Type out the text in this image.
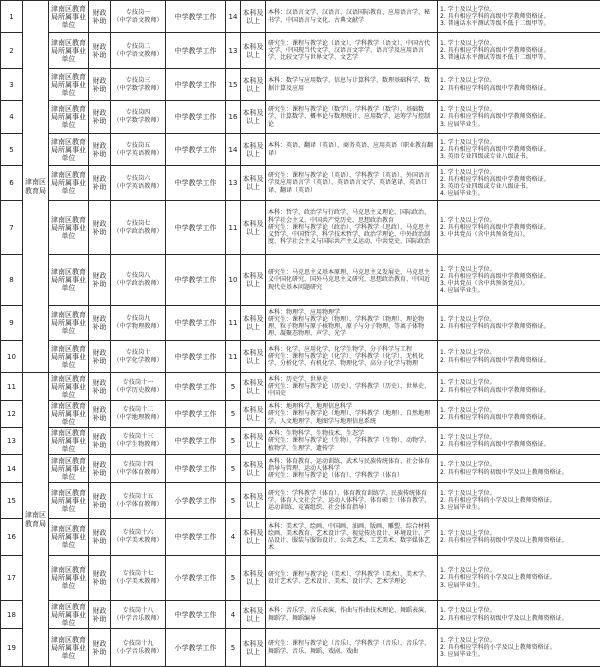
1	津南区教育局	津南区教育局所属事业单位	财政补助	专技岗一
（中学语文教师）	中学教学工作	14	本科及以上	本科：汉语言文学、汉语言、汉语国际教育、应用语言学、秘书学、中国语言与文化、古典文献学	1. 学士及以上学位。
2. 具有相应学科的高级中学教师资格证。
3. 普通话水平测试等级不低于二级甲等。

2		津南区教育局所属事业单位	财政补助	专技岗二
（中学语文教师）	中学教学工作	13	本科及以上	研究生：课程与教学论（语文）、学科教学（语文）、中国古代文学、中国现当代文学、汉语言文字学、语言学及应用语言学、比较文学与世界文学、文艺学	1. 学士及以上学位。
2. 具有相应学科的高级中学教师资格证。
3. 普通话水平测试等级不低于二级甲等。

3		津南区教育局所属事业单位	财政补助	专技岗三
（中学数学教师）	中学教学工作	15	本科及以上	本科：数学与应用数学、信息与计算科学、数理基础科学、数据计算及应用	1. 学士及以上学位。
2. 具有相应学科的高级中学教师资格证。

4		津南区教育局所属事业单位	财政补助	专技岗四
（中学数学教师）	中学教学工作	16	本科及以上	研究生：课程与教学论（数学）、学科教学（数学）、基础数学、计算数学、概率论与数理统计、应用数学、运筹学与控制论	1. 学士及以上学位。
2. 具有相应学科的高级中学教师资格证。
3. 应届毕业生。

5		津南区教育局所属事业单位	财政补助	专技岗五
（中学英语教师）	中学教学工作	14	本科及以上	本科：英语、翻译（英语）、商务英语、应用英语（职业教育翻译）	1. 学士及以上学位。
2. 具有相应学科的高级中学教师资格证。
3. 英语专业四级或专业八级证书。

6		津南区教育局所属事业单位	财政补助	专技岗六
（中学英语教师）	中学教学工作	13	本科及以上	研究生：课程与教学论（英语）、学科教学（英语）、外国语言学及应用语言学（英语）、英语语言文学、英语笔译、英语口译、翻译（英语）	1. 学士及以上学位。
2. 具有相应学科的高级中学教师资格证。
3. 英语专业四级或专业八级证书。
4. 应届毕业生。

7		津南区教育局所属事业单位	财政补助	专技岗七
（中学政治教师）	中学教学工作	11	本科及以上	本科：哲学、政治学与行政学、马克思主义理论、国际政治、科学社会主义、中国共产党历史、思想政治教育
研究生：课程与教学论（政治）、学科教学（思政）、马克思主义哲学、中国哲学、科学技术哲学、政治学理论、中外政治制度、科学社会主义与国际共产主义运动、中共党史、国际政治	1. 学士及以上学位。
2. 具有相应学科的高级中学教师资格证。
3. 中共党员（含中共预备党员）。

8		津南区教育局所属事业单位	财政补助	专技岗八
（中学政治教师）	中学教学工作	10	本科及以上	研究生：马克思主义基本原理、马克思主义发展史、马克思主义中国化研究、国外马克思主义研究、思想政治教育、中国近现代史基本问题研究	1. 学士及以上学位。
2. 具有相应学科的高级中学教师资格证。
3. 中共党员（含中共预备党员）。
4. 应届毕业生。

9		津南区教育局所属事业单位	财政补助	专技岗九
（中学物理教师）	中学教学工作	11	本科及以上	本科：物理学、应用物理学
研究生：课程与教学论（物理）、学科教学（物理）、理论物理、粒子物理与原子核物理、原子与分子物理、等离子体物理、凝聚态物理、声学、光学	1. 学士及以上学位。
2. 具有相应学科的高级中学教师资格证。

10		津南区教育局所属事业单位	财政补助	专技岗十
（中学化学教师）	中学教学工作	11	本科及以上	本科：化学、应用化学、化学生物学、分子科学与工程
研究生：课程与教学论（化学）、学科教学（化学）、无机化学、分析化学、有机化学、物理化学、高分子化学与物理	1. 学士及以上学位。
2. 具有相应学科的高级中学教师资格证。

11	津南区教育局	津南区教育局所属事业单位	财政补助	专技岗十一
（中学历史教师）	中学教学工作	5	本科及以上	本科：历史学、世界史
研究生：课程与教学论（历史）、学科教学（历史）、世界史、中国史	1. 学士及以上学位。
2. 具有相应学科的高级中学教师资格证。

12		津南区教育局所属事业单位	财政补助	专技岗十二
（中学地理教师）	中学教学工作	5	本科及以上	本科：地理科学、地理信息科学
研究生：课程与教学论（地理）、学科教学（地理）、自然地理学、人文地理学、地图学与地理信息系统	1. 学士及以上学位。
2. 具有相应学科的高级中学教师资格证。

13		津南区教育局所属事业单位	财政补助	专技岗十三
（中学生物教师）	中学教学工作	5	本科及以上	本科：生物科学、生物技术、生态学
研究生：课程与教学论（生物）、学科教学（生物）、动物学、植物学、生理学、遗传学	1. 学士及以上学位。
2. 具有相应学科的高级中学教师资格证。

14		津南区教育局所属事业单位	财政补助	专技岗十四
（中学体育教师）	中学教学工作	5	本科及以上	本科：体育教育、运动训练、武术与民族传统体育、社会体育指导与管理、运动人体科学
研究生：课程与教学论（体育）、学科教学（体育）	1. 学士及以上学位。
2. 具有相应学科的初级中学及以上教师资格证。

15		津南区教育局所属事业单位	财政补助	专技岗十五
（小学体育教师）	小学教学工作	5	本科及以上	研究生：学科教学（体育）、体育教育训练学、民族传统体育学、体育人文社会学、运动人体科学、体育硕士（体育教学、运动训练、竞赛组织、社会体育指导）	1. 学士及以上学位。
2. 具有相应学科的小学及以上教师资格证。
3. 应届毕业生。

16		津南区教育局所属事业单位	财政补助	专技岗十六
（中学美术教师）	中学教学工作	4	本科及以上	本科：美术学、绘画、中国画、油画、版画、雕塑、综合材料绘画、美术教育、艺术设计学、视觉传达设计、环境设计、产品设计、服装与服饰设计、公共艺术、工艺美术、数字媒体艺术	1. 学士及以上学位。
2. 具有相应学科的初级中学及以上教师资格证。

17		津南区教育局所属事业单位	财政补助	专技岗十七
（小学美术教师）	小学教学工作	5	本科及以上	研究生：课程与教学论（美术）、学科教学（美术）、美术学、设计艺术学、艺术设计、美术、设计学、艺术学理论	1. 学士及以上学位。
2. 具有相应学科的小学及以上教师资格证。
3. 应届毕业生。

18		津南区教育局所属事业单位	财政补助	专技岗十八
（中学音乐教师）	中学教学工作	4	本科及以上	本科：音乐学、音乐表演、作曲与作曲技术理论、舞蹈表演、舞蹈学、舞蹈编导	1. 学士及以上学位。
2. 具有相应学科的初级中学及以上教师资格证。

19		津南区教育局所属事业单位	财政补助	专技岗十九
（小学音乐教师）	小学教学工作	5	本科及以上	研究生：课程与教学论（音乐）、学科教学（音乐）、音乐学、舞蹈学、音乐、舞蹈、戏剧、戏曲	1. 学士及以上学位。
2. 具有相应学科的小学及以上教师资格证。
3. 应届毕业生。
